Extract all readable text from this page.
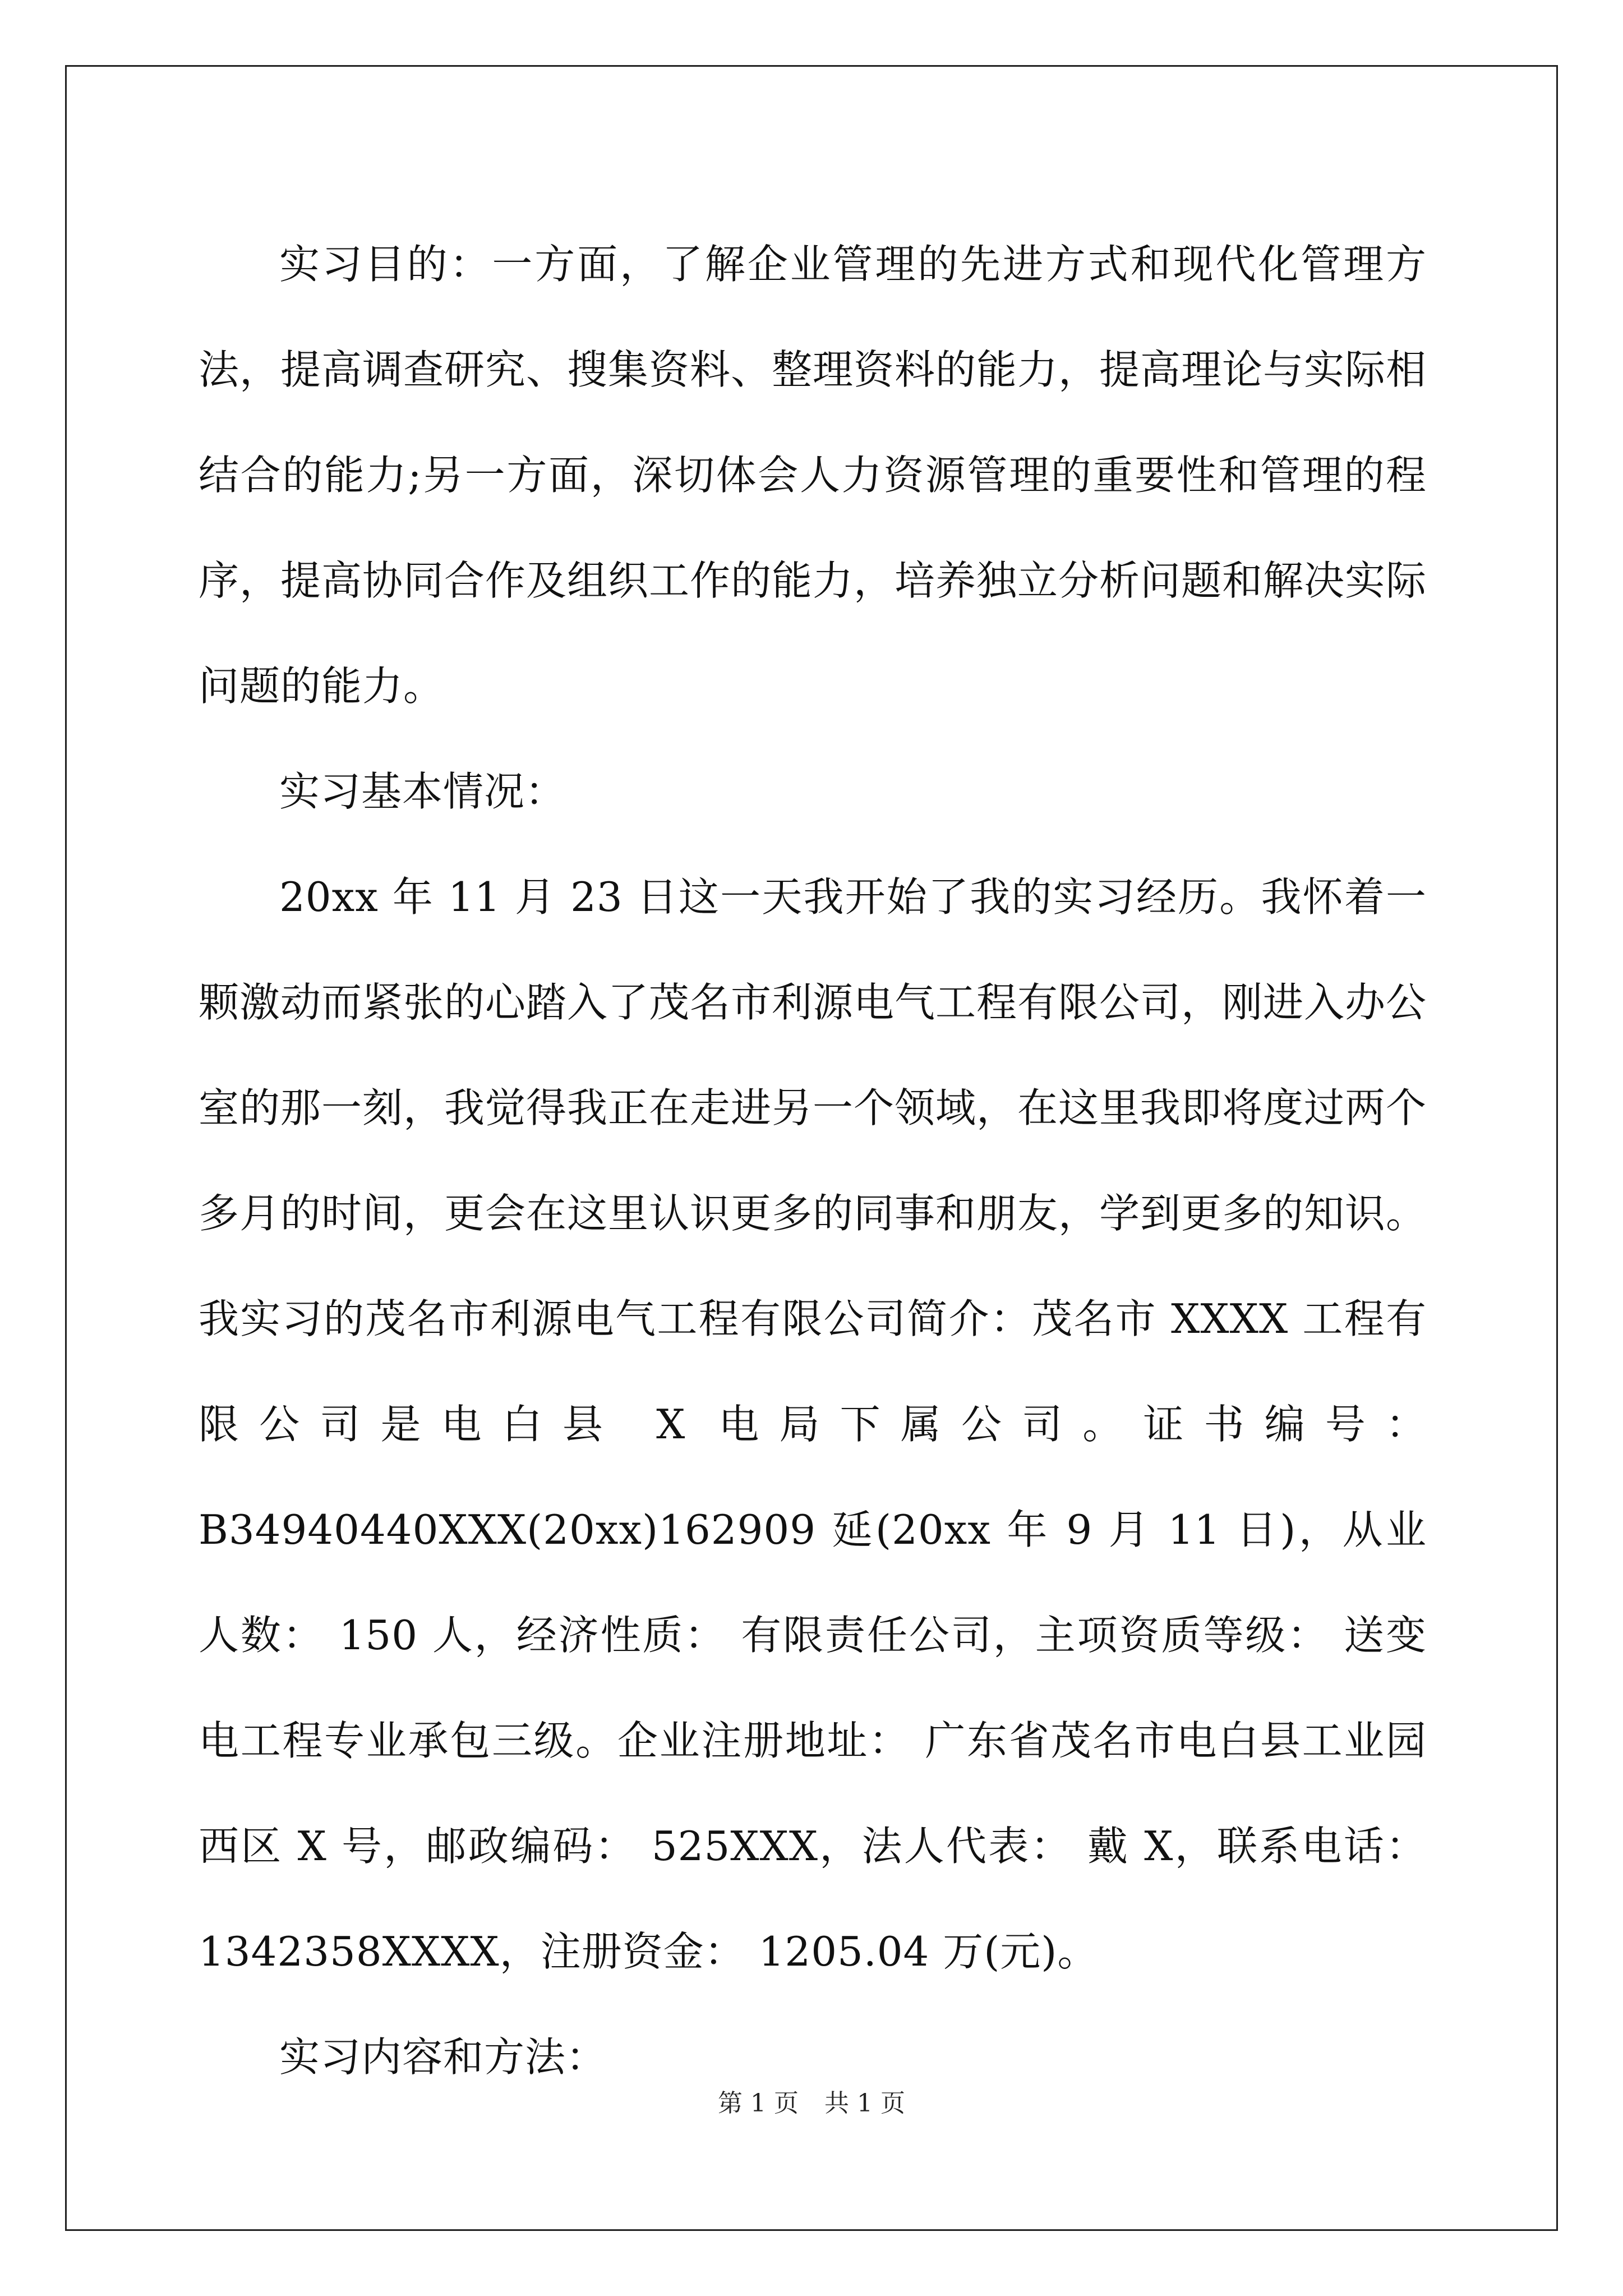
实习目的：一方面，了解企业管理的先进方式和现代化管理方法，提高调查研究、搜集资料、整理资料的能力，提高理论与实际相结合的能力;另一方面，深切体会人力资源管理的重要性和管理的程序，提高协同合作及组织工作的能力，培养独立分析问题和解决实际问题的能力。

实习基本情况：

20xx 年 11 月 23 日这一天我开始了我的实习经历。我怀着一颗激动而紧张的心踏入了茂名市利源电气工程有限公司，刚进入办公室的那一刻，我觉得我正在走进另一个领域，在这里我即将度过两个多月的时间，更会在这里认识更多的同事和朋友，学到更多的知识。我实习的茂名市利源电气工程有限公司简介：茂名市 XXXX 工程有限公司是电白县 X 电局下属公司。证书编号： B34940440XXX(20xx)162909 延(20xx 年 9 月 11 日)，从业人数： 150 人，经济性质： 有限责任公司，主项资质等级： 送变电工程专业承包三级。企业注册地址： 广东省茂名市电白县工业园西区 X 号，邮政编码： 525XXX，法人代表： 戴 X，联系电话： 1342358XXXX，注册资金： 1205.04 万(元)。

实习内容和方法：

第 1 页 共 1 页
